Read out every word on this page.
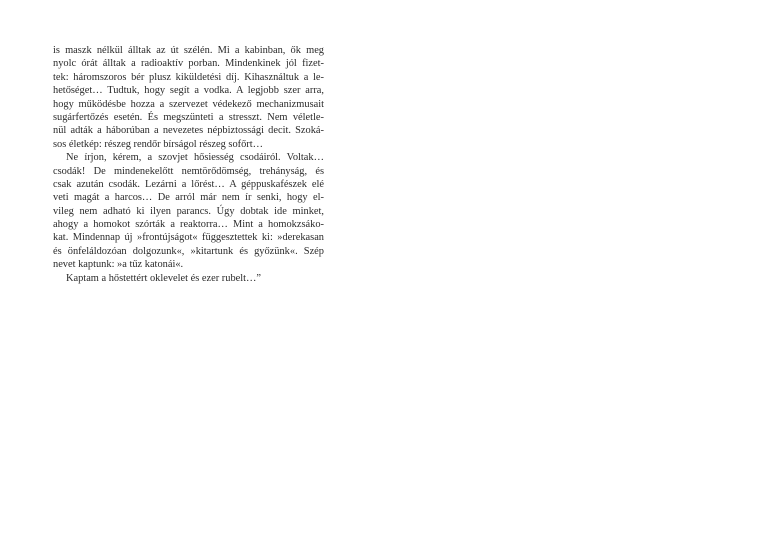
is maszk nélkül álltak az út szélén. Mi a kabinban, ők meg
nyolc órát álltak a radioaktív porban. Mindenkinek jól fizet-
tek: háromszoros bér plusz kiküldetési díj. Kihasználtuk a le-
hetőséget… Tudtuk, hogy segít a vodka. A legjobb szer arra,
hogy működésbe hozza a szervezet védekező mechanizmusait
sugárfertőzés esetén. És megszünteti a stresszt. Nem véletle-
nül adták a háborúban a nevezetes népbiztossági decit. Szoká-
sos életkép: részeg rendőr bírságol részeg sofőrt…
Ne írjon, kérem, a szovjet hősiesség csodáiról. Voltak…
csodák! De mindenekelőtt nemtörődömség, trehányság, és
csak azután csodák. Lezárni a lőrést… A géppuskafészek elé
veti magát a harcos… De arról már nem ír senki, hogy el-
vileg nem adható ki ilyen parancs. Úgy dobtak ide minket,
ahogy a homokot szórták a reaktorra… Mint a homokzsáko-
kat. Mindennap új »frontújságot« függesztettek ki: »derekasan
és önfeláldozóan dolgozunk«, »kitartunk és győzünk«. Szép
nevet kaptunk: »a tűz katonái«.
Kaptam a hőstettért oklevelet és ezer rubelt…”
